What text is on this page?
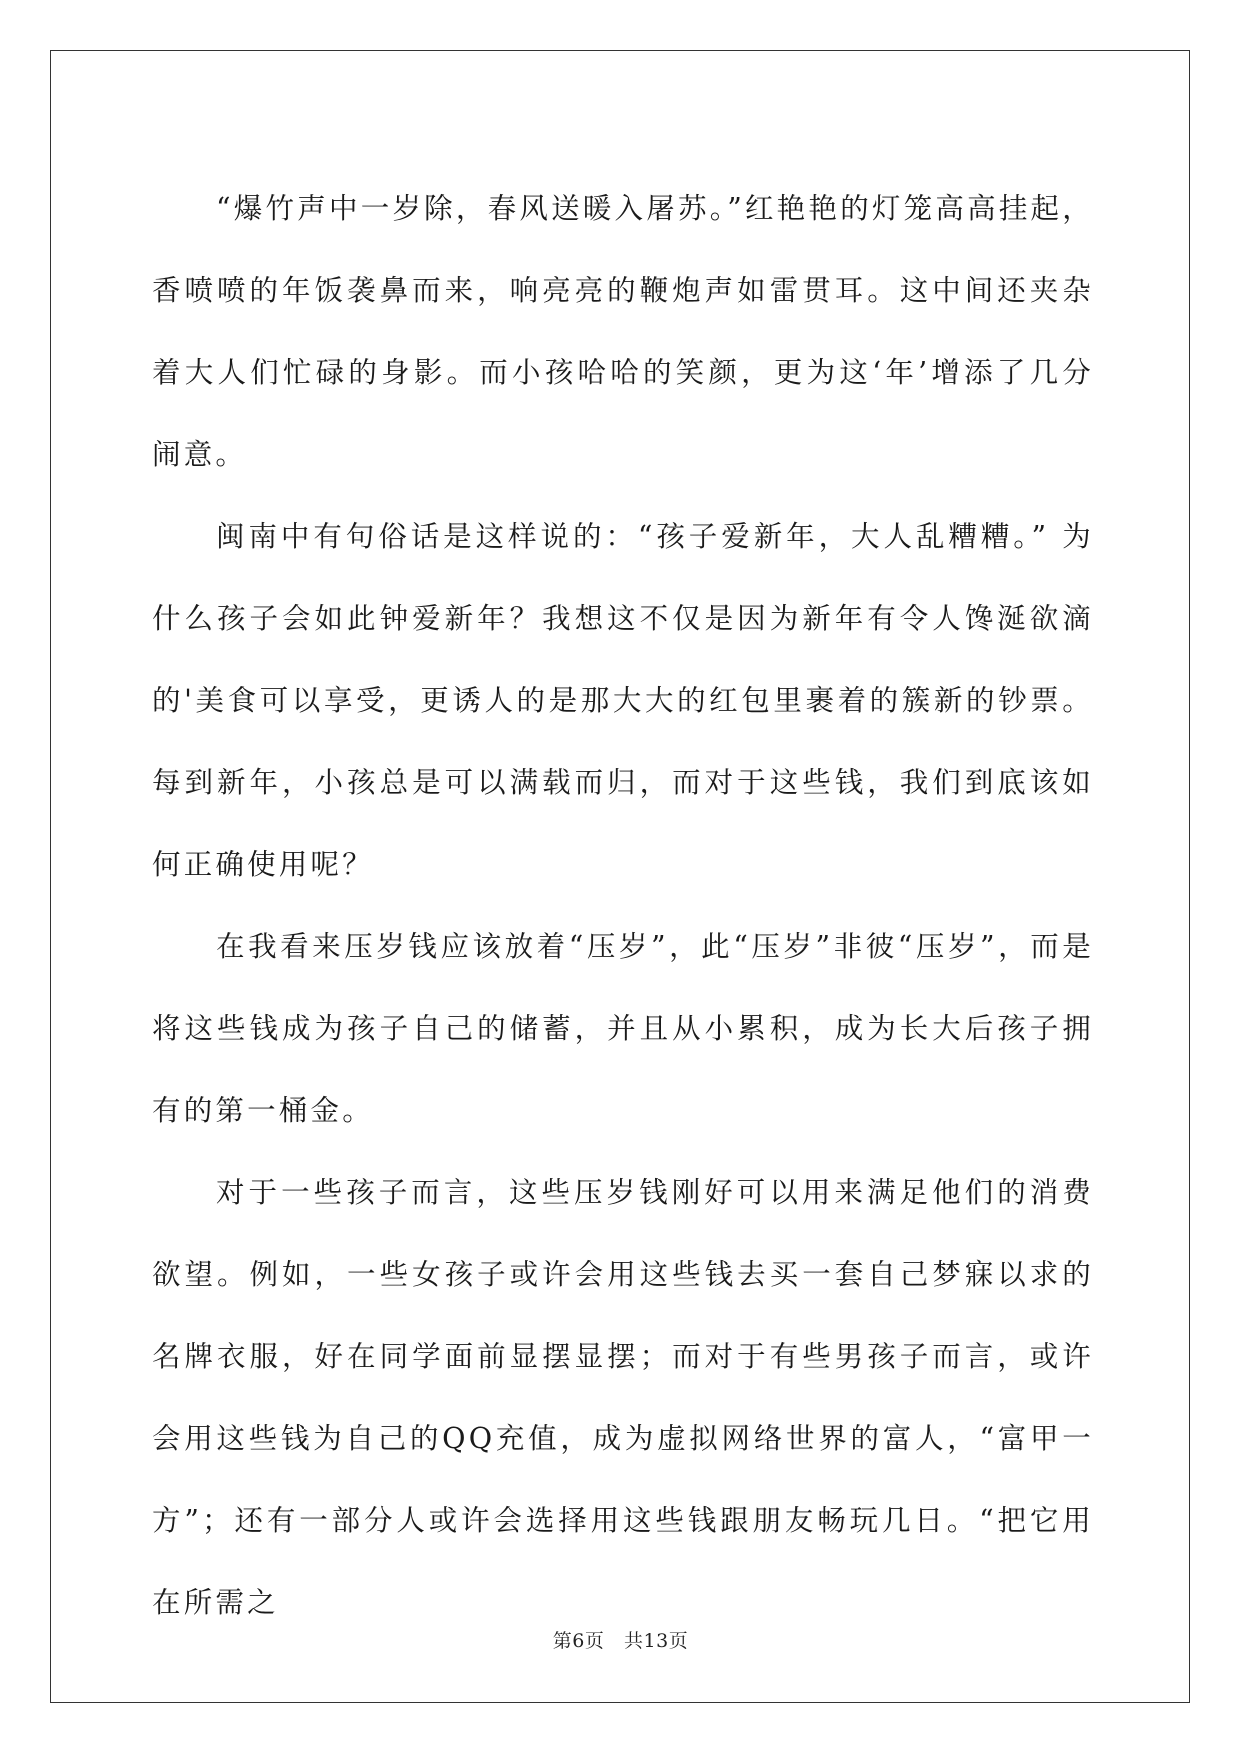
“爆竹声中一岁除，春风送暖入屠苏。”红艳艳的灯笼高高挂起，香喷喷的年饭袭鼻而来，响亮亮的鞭炮声如雷贯耳。这中间还夹杂着大人们忙碌的身影。而小孩哈哈的笑颜，更为这‘年’增添了几分闹意。

闽南中有句俗话是这样说的：“孩子爱新年，大人乱糟糟。” 为什么孩子会如此钟爱新年？我想这不仅是因为新年有令人馋涎欲滴的'美食可以享受，更诱人的是那大大的红包里裹着的簇新的钞票。每到新年，小孩总是可以满载而归，而对于这些钱，我们到底该如何正确使用呢？

在我看来压岁钱应该放着“压岁”，此“压岁”非彼“压岁”，而是将这些钱成为孩子自己的储蓄，并且从小累积，成为长大后孩子拥有的第一桶金。

对于一些孩子而言，这些压岁钱刚好可以用来满足他们的消费欲望。例如，一些女孩子或许会用这些钱去买一套自己梦寐以求的名牌衣服，好在同学面前显摆显摆；而对于有些男孩子而言，或许会用这些钱为自己的QQ充值，成为虚拟网络世界的富人，“富甲一方”；还有一部分人或许会选择用这些钱跟朋友畅玩几日。“把它用在所需之

第6页 共13页
